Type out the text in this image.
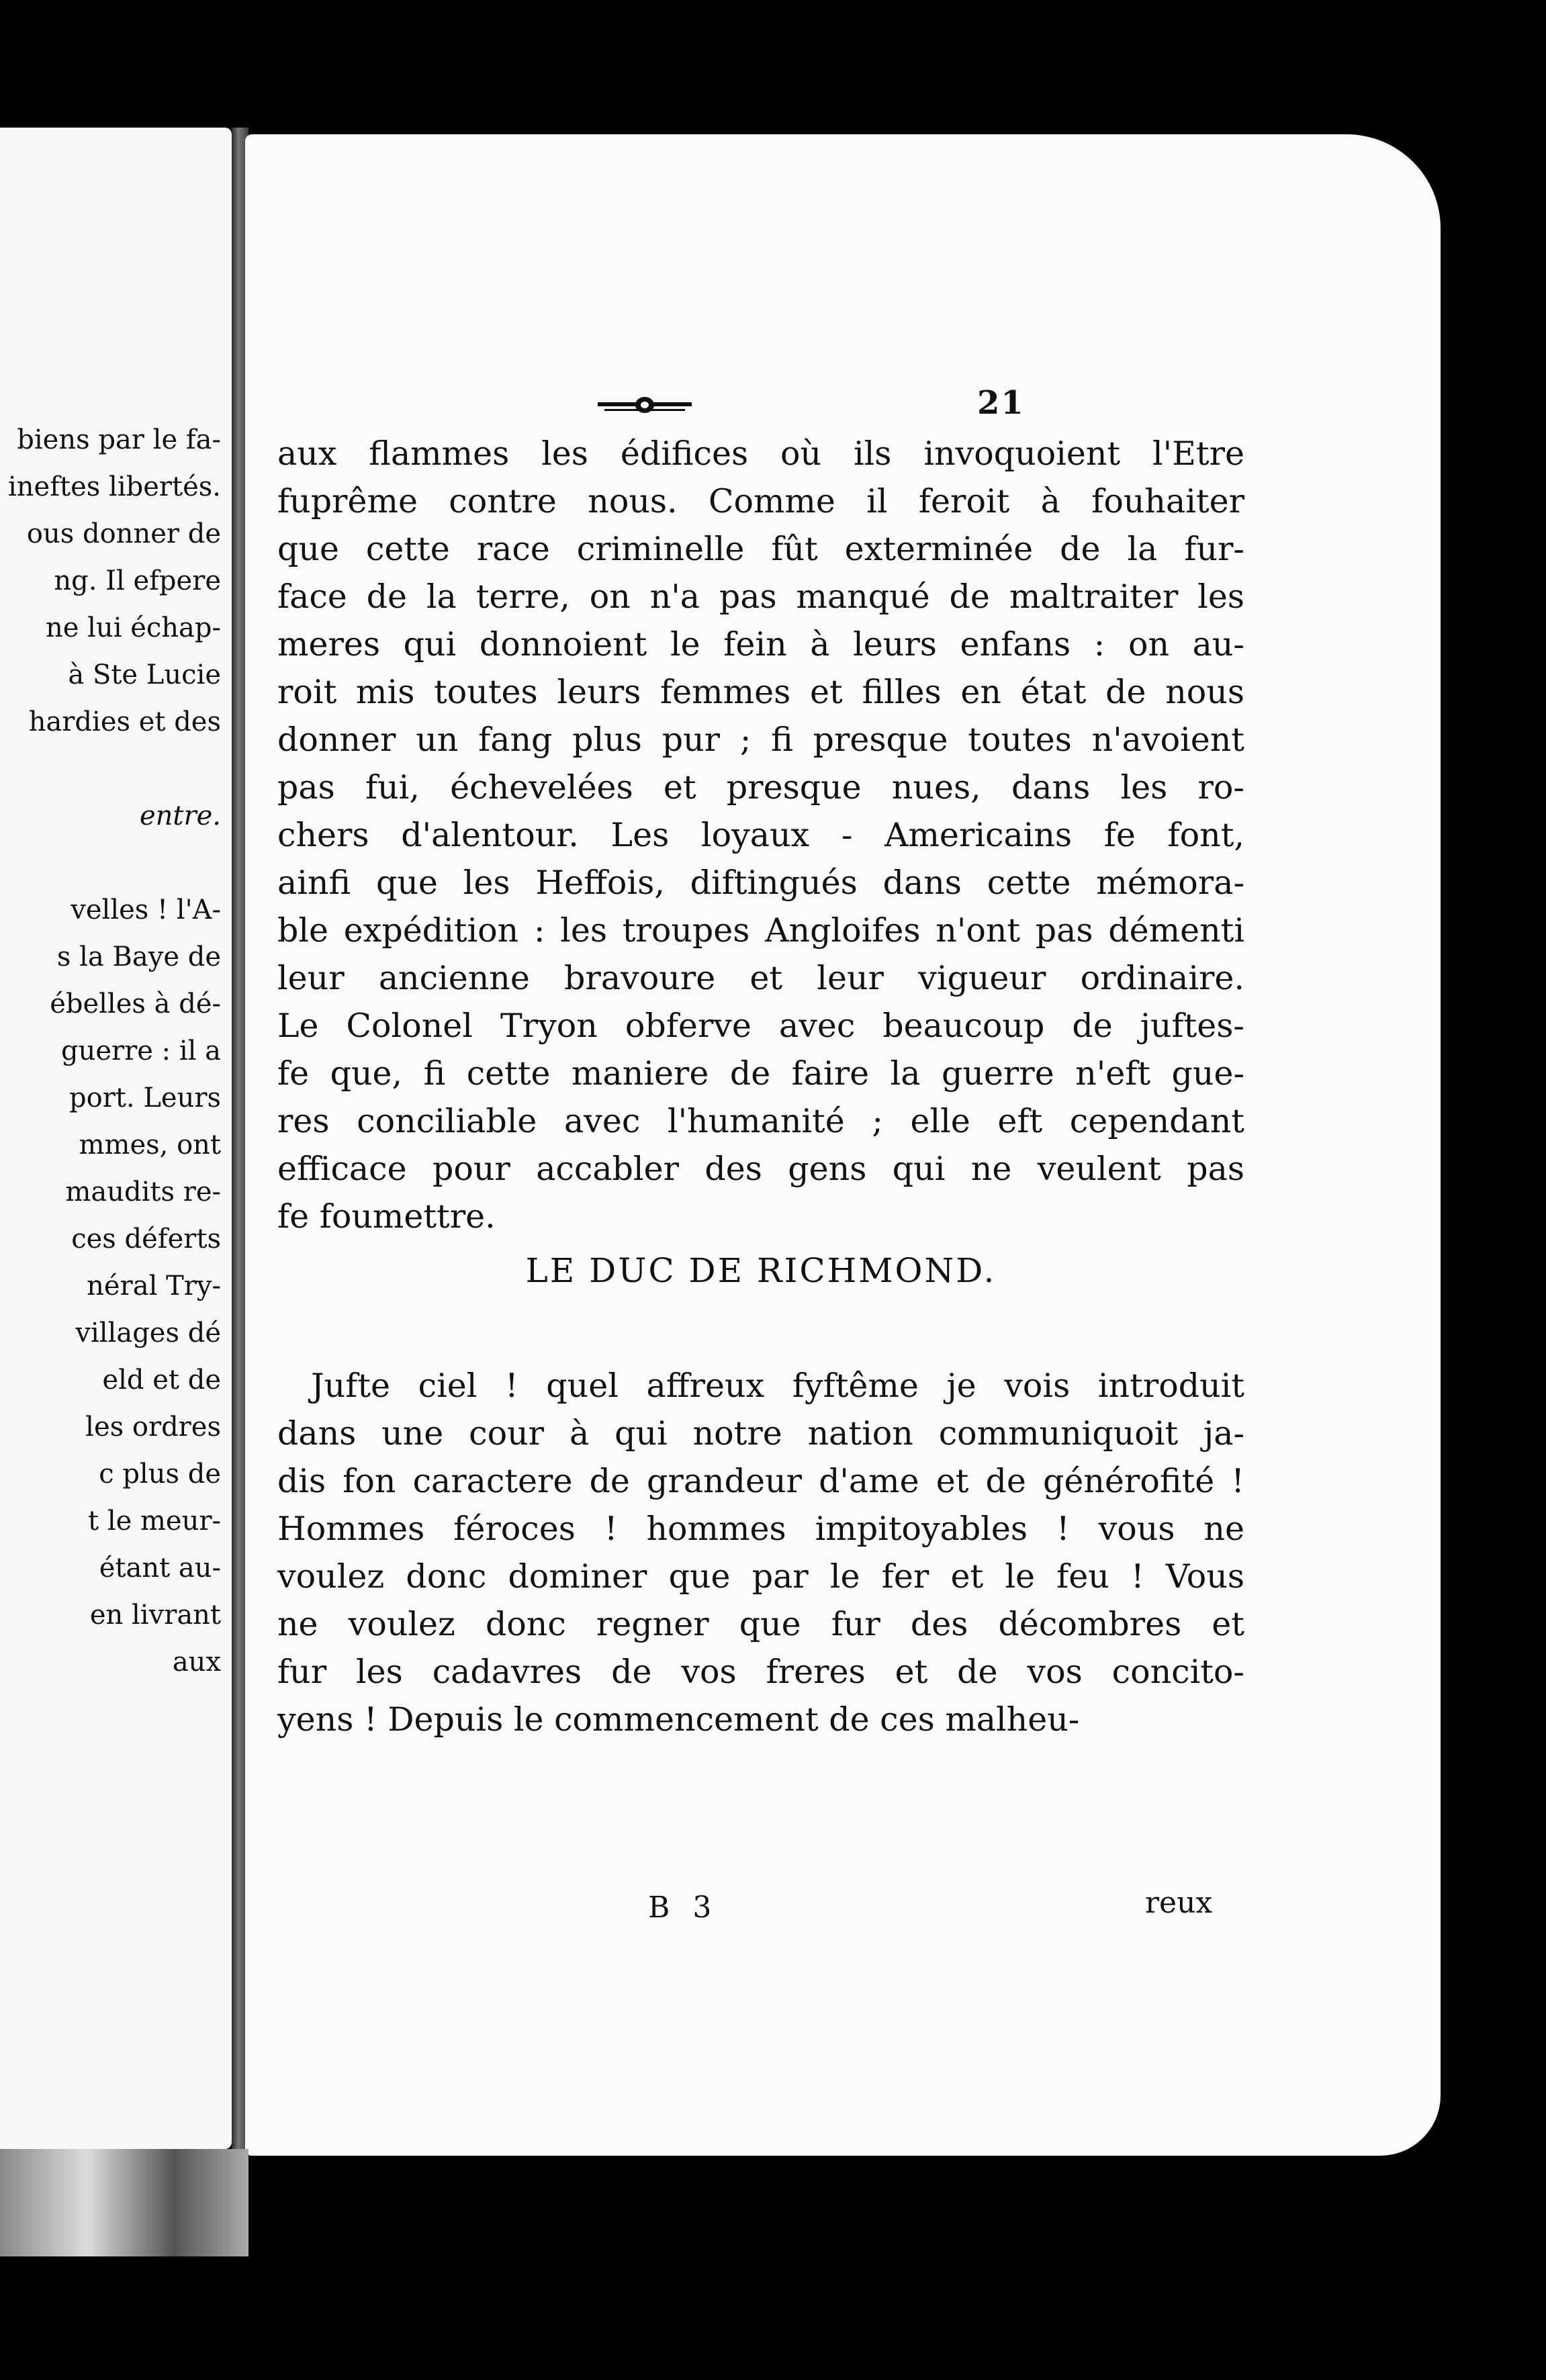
biens par le fa-
ineftes libertés.
ous donner de
ng. Il efpere
ne lui échap-
à Ste Lucie
hardies et des

entre.

velles ! l'A-
s la Baye de
ébelles à dé-
guerre : il a
port. Leurs
mmes, ont
maudits re-
ces déferts
néral Try-
villages dé
eld et de
les ordres
c plus de
t le meur-
étant au-
en livrant
aux
21
aux flammes les édifices où ils invoquoient l'Etre
fuprême contre nous. Comme il feroit à fouhaiter
que cette race criminelle fût exterminée de la fur-
face de la terre, on n'a pas manqué de maltraiter les
meres qui donnoient le fein à leurs enfans : on au-
roit mis toutes leurs femmes et filles en état de nous
donner un fang plus pur ; fi presque toutes n'avoient
pas fui, échevelées et presque nues, dans les ro-
chers d'alentour. Les loyaux - Americains fe font,
ainfi que les Heffois, diftingués dans cette mémora-
ble expédition : les troupes Angloifes n'ont pas démenti
leur ancienne bravoure et leur vigueur ordinaire.
Le Colonel Tryon obferve avec beaucoup de juftes-
fe que, fi cette maniere de faire la guerre n'eft gue-
res conciliable avec l'humanité ; elle eft cependant
efficace pour accabler des gens qui ne veulent pas
fe foumettre.
LE DUC DE RICHMOND.
Jufte ciel ! quel affreux fyftême je vois introduit
dans une cour à qui notre nation communiquoit ja-
dis fon caractere de grandeur d'ame et de générofité !
Hommes féroces ! hommes impitoyables ! vous ne
voulez donc dominer que par le fer et le feu ! Vous
ne voulez donc regner que fur des décombres et
fur les cadavres de vos freres et de vos concito-
yens ! Depuis le commencement de ces malheu-
B 3	reux
